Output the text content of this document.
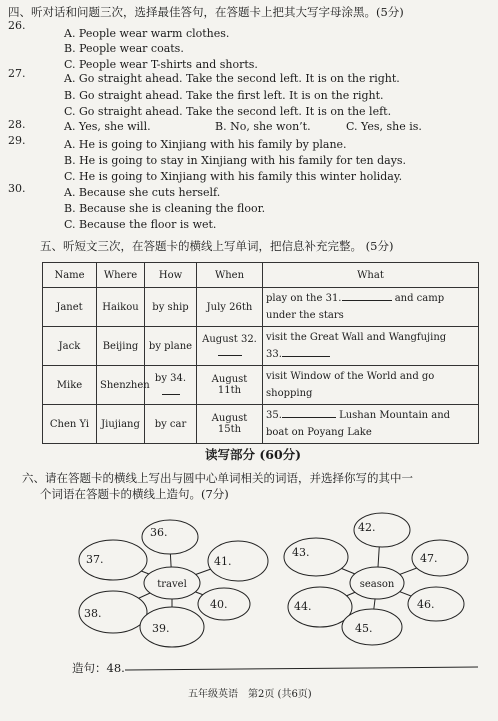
四、听对话和问题三次，选择最佳答句，在答题卡上把其大写字母涂黑。(5分)
26.
A. People wear warm clothes.
B. People wear coats.
C. People wear T-shirts and shorts.
27.	A. Go straight ahead. Take the second left. It is on the right.
B. Go straight ahead. Take the first left. It is on the right.
C. Go straight ahead. Take the second left. It is on the left.
28.	A. Yes, she will.	B. No, she won’t.	C. Yes, she is.
29.	A. He is going to Xinjiang with his family by plane.
B. He is going to stay in Xinjiang with his family for ten days.
C. He is going to Xinjiang with his family this winter holiday.
30.	A. Because she cuts herself.
B. Because she is cleaning the floor.
C. Because the floor is wet.
五、听短文三次，在答题卡的横线上写单词，把信息补充完整。 (5分)
Name	Where	How	When	What
Janet	Haikou	by ship	July 26th	play on the 31. and camp
under the stars
Jack	Beijing	by plane	August 32.	visit the Great Wall and Wangfujing
33.
Mike	Shenzhen	by 34.	August 11th	visit Window of the World and go
shopping
Chen Yi	Jiujiang	by car	August 15th	35. Lushan Mountain and
boat on Poyang Lake
读写部分 (60分)
六、请在答题卡的横线上写出与圆中心单词相关的词语，并选择你写的其中一
个词语在答题卡的横线上造句。(7分)
travel
36.
37.
38.
39.
40.
41.
season
42.
43.
44.
45.
46.
47.
造句：48.
五年级英语　第2页 (共6页)
